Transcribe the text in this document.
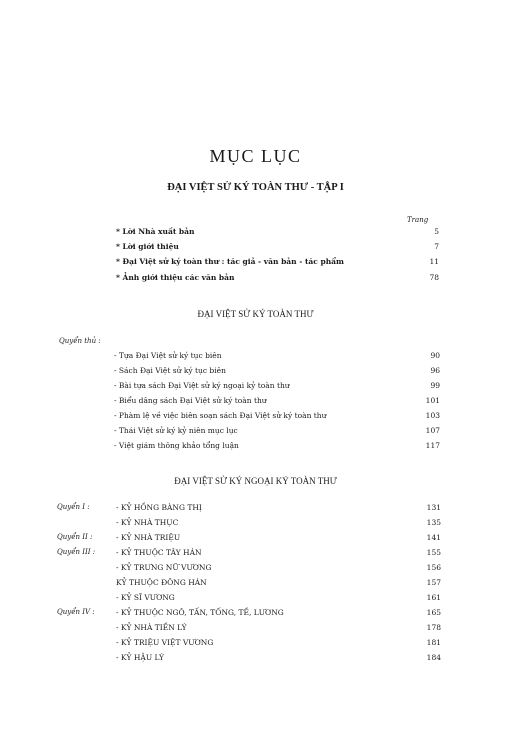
MỤC LỤC
ĐẠI VIỆT SỬ KÝ TOÀN THƯ - TẬP I
Trang
* Lời Nhà xuất bản	5
* Lời giới thiệu	7
* Đại Việt sử ký toàn thư : tác giả - văn bản - tác phẩm	11
* Ảnh giới thiệu các văn bản	78
ĐẠI VIỆT SỬ KÝ TOÀN THƯ
Quyển thủ :
- Tựa Đại Việt sử ký tục biên	90
- Sách Đại Việt sử ký tục biên	96
- Bài tựa sách Đại Việt sử ký ngoại kỷ toàn thư	99
- Biểu dâng sách Đại Việt sử ký toàn thư	101
- Phàm lệ về việc biên soạn sách Đại Việt sử ký toàn thư	103
- Thái Việt sử ký kỷ niên mục lục	107
- Việt giám thông khảo tổng luận	117
ĐẠI VIỆT SỬ KÝ NGOẠI KỶ TOÀN THƯ
Quyển I :	- KỶ HỒNG BÀNG THỊ	131
- KỶ NHÀ THỤC	135
Quyển II :	- KỶ NHÀ TRIỆU	141
Quyển III :	- KỶ THUỘC TÂY HÁN	155
- KỶ TRƯNG NỮ VƯƠNG	156
KỶ THUỘC ĐÔNG HÁN	157
- KỶ SĨ VƯƠNG	161
Quyển IV :	- KỶ THUỘC NGÔ, TẤN, TỐNG, TỀ, LƯƠNG	165
- KỶ NHÀ TIỀN LÝ	178
- KỶ TRIỆU VIỆT VƯƠNG	181
- KỶ HẬU LÝ	184
